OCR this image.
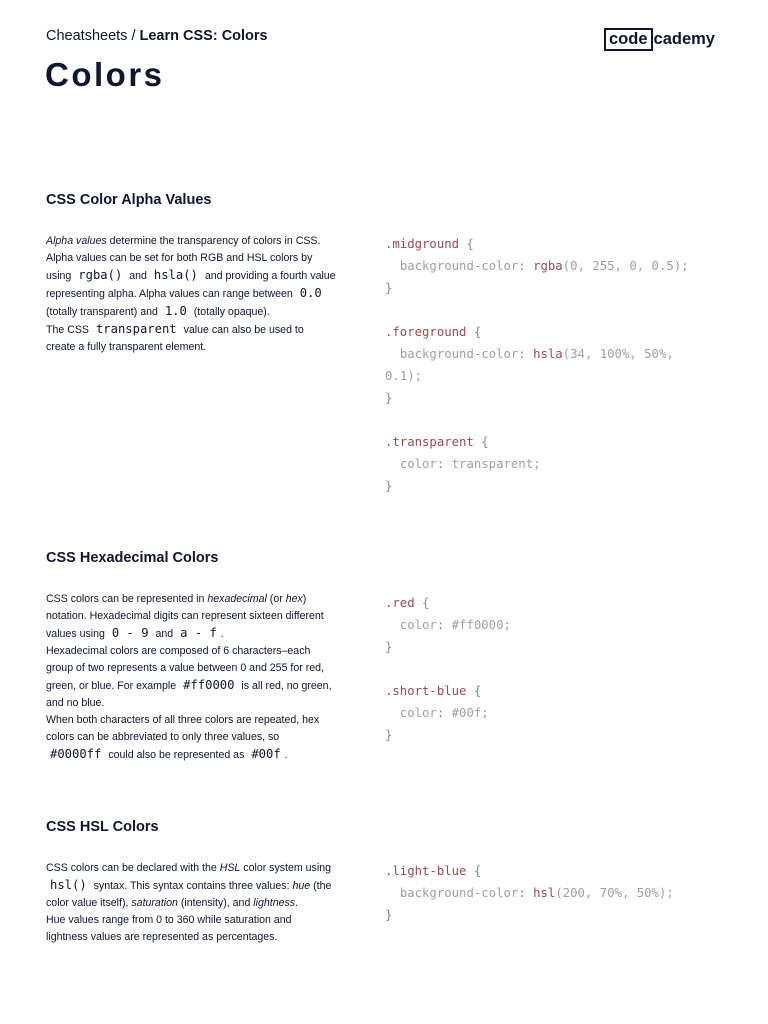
Cheatsheets / Learn CSS: Colors	code cademy
Colors
CSS Color Alpha Values
Alpha values determine the transparency of colors in CSS. Alpha values can be set for both RGB and HSL colors by using rgba() and hsla() and providing a fourth value representing alpha. Alpha values can range between 0.0 (totally transparent) and 1.0 (totally opaque).
The CSS transparent value can also be used to create a fully transparent element.
.midground {
background-color: rgba(0, 255, 0, 0.5);
}
.foreground {
background-color: hsla(34, 100%, 50%,
0.1);
}
.transparent {
color: transparent;
}
CSS Hexadecimal Colors
CSS colors can be represented in hexadecimal (or hex) notation. Hexadecimal digits can represent sixteen different values using 0 - 9 and a - f .
Hexadecimal colors are composed of 6 characters–each group of two represents a value between 0 and 255 for red, green, or blue. For example #ff0000 is all red, no green, and no blue.
When both characters of all three colors are repeated, hex colors can be abbreviated to only three values, so #0000ff could also be represented as #00f .
.red {
color: #ff0000;
}
.short-blue {
color: #00f;
}
CSS HSL Colors
CSS colors can be declared with the HSL color system using hsl() syntax. This syntax contains three values: hue (the color value itself), saturation (intensity), and lightness.
Hue values range from 0 to 360 while saturation and lightness values are represented as percentages.
.light-blue {
background-color: hsl(200, 70%, 50%);
}
